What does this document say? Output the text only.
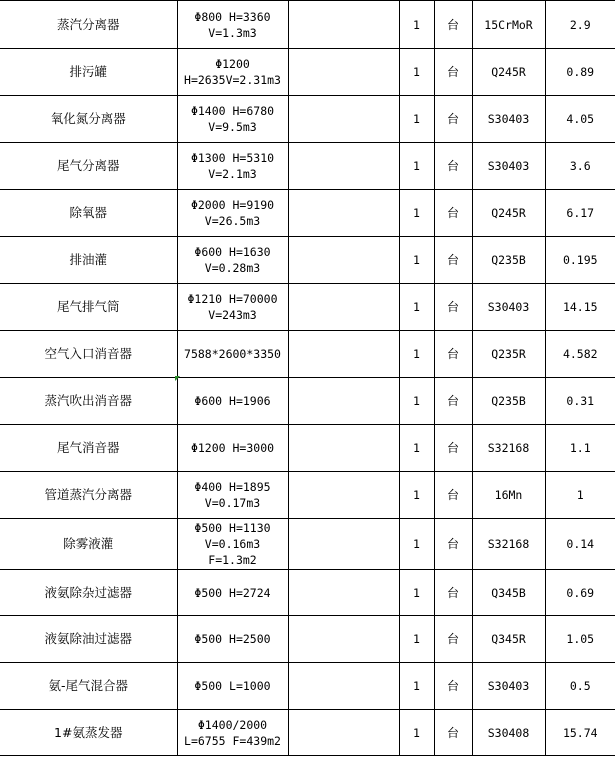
蒸汽分离器	Φ800 H=3360
V=1.3m3		1	台	15CrMoR	2.9
排污罐	Φ1200
H=2635V=2.31m3		1	台	Q245R	0.89
氧化氮分离器	Φ1400 H=6780
V=9.5m3		1	台	S30403	4.05
尾气分离器	Φ1300 H=5310
V=2.1m3		1	台	S30403	3.6
除氧器	Φ2000 H=9190
V=26.5m3		1	台	Q245R	6.17
排油灌	Φ600 H=1630
V=0.28m3		1	台	Q235B	0.195
尾气排气筒	Φ1210 H=70000
V=243m3		1	台	S30403	14.15
空气入口消音器	7588*2600*3350		1	台	Q235R	4.582
蒸汽吹出消音器	Φ600 H=1906		1	台	Q235B	0.31
尾气消音器	Φ1200 H=3000		1	台	S32168	1.1
管道蒸汽分离器	Φ400 H=1895
V=0.17m3		1	台	16Mn	1
除雾液灌	Φ500 H=1130
V=0.16m3
F=1.3m2		1	台	S32168	0.14
液氨除杂过滤器	Φ500 H=2724		1	台	Q345B	0.69
液氨除油过滤器	Φ500 H=2500		1	台	Q345R	1.05
氨-尾气混合器	Φ500 L=1000		1	台	S30403	0.5
1#氨蒸发器	Φ1400/2000
L=6755 F=439m2		1	台	S30408	15.74
